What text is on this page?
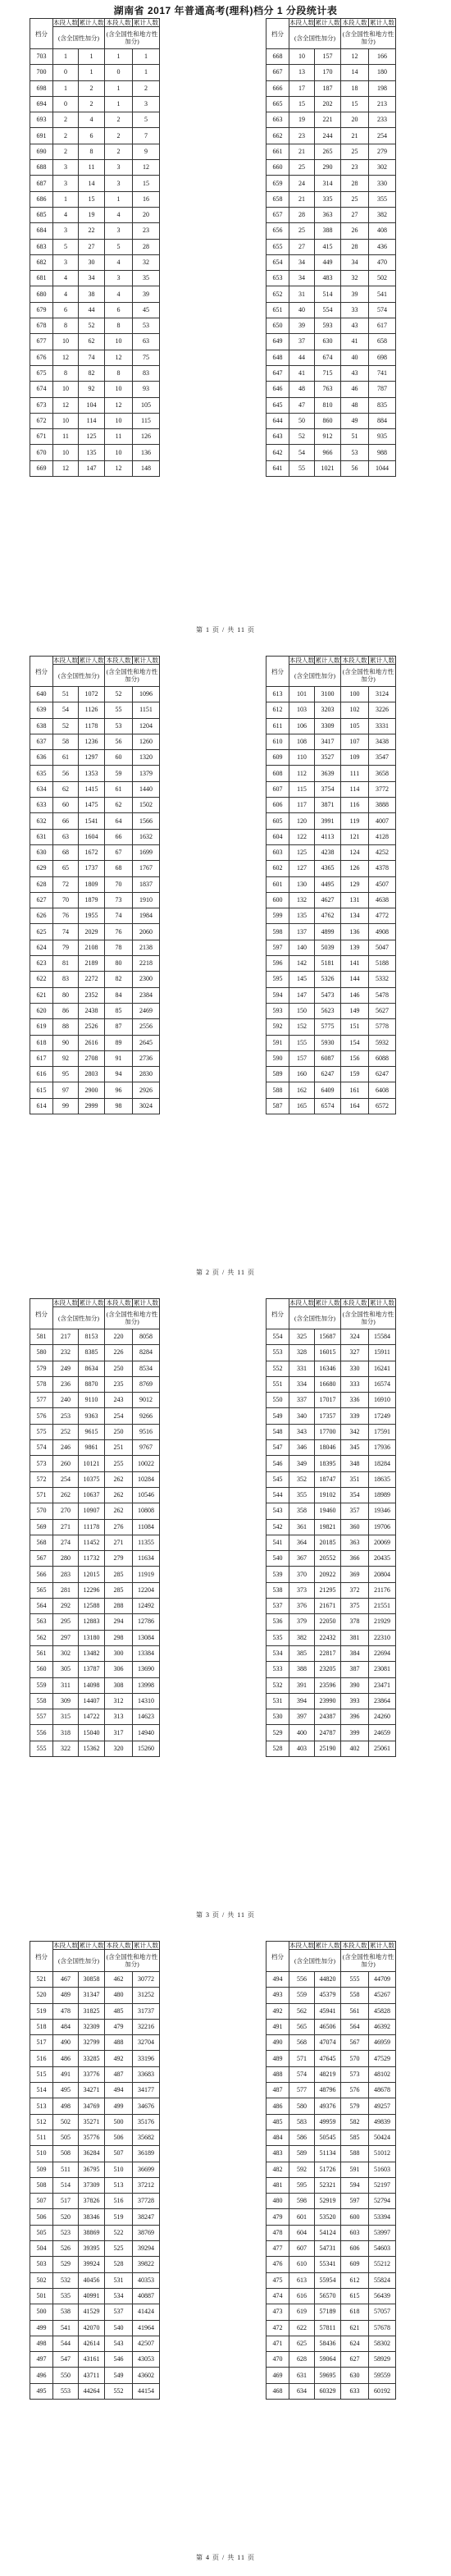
湖南省 2017 年普通高考(理科)档分 1 分段统计表
档分	本段人数	累计人数	本段人数	累计人数
	(含全国性加分)		(含全国性和地方性加分)	
703	1	1	1	1
700	0	1	0	1
698	1	2	1	2
694	0	2	1	3
693	2	4	2	5
691	2	6	2	7
690	2	8	2	9
688	3	11	3	12
687	3	14	3	15
686	1	15	1	16
685	4	19	4	20
684	3	22	3	23
683	5	27	5	28
682	3	30	4	32
681	4	34	3	35
680	4	38	4	39
679	6	44	6	45
678	8	52	8	53
677	10	62	10	63
676	12	74	12	75
675	8	82	8	83
674	10	92	10	93
673	12	104	12	105
672	10	114	10	115
671	11	125	11	126
670	10	135	10	136
669	12	147	12	148
档分	本段人数	累计人数	本段人数	累计人数
	(含全国性加分)		(含全国性和地方性加分)	
668	10	157	12	166
667	13	170	14	180
666	17	187	18	198
665	15	202	15	213
663	19	221	20	233
662	23	244	21	254
661	21	265	25	279
660	25	290	23	302
659	24	314	28	330
658	21	335	25	355
657	28	363	27	382
656	25	388	26	408
655	27	415	28	436
654	34	449	34	470
653	34	483	32	502
652	31	514	39	541
651	40	554	33	574
650	39	593	43	617
649	37	630	41	658
648	44	674	40	698
647	41	715	43	741
646	48	763	46	787
645	47	810	48	835
644	50	860	49	884
643	52	912	51	935
642	54	966	53	988
641	55	1021	56	1044
第 1 页 / 共 11 页
档分	本段人数	累计人数	本段人数	累计人数
	(含全国性加分)		(含全国性和地方性加分)	
640	51	1072	52	1096
639	54	1126	55	1151
638	52	1178	53	1204
637	58	1236	56	1260
636	61	1297	60	1320
635	56	1353	59	1379
634	62	1415	61	1440
633	60	1475	62	1502
632	66	1541	64	1566
631	63	1604	66	1632
630	68	1672	67	1699
629	65	1737	68	1767
628	72	1809	70	1837
627	70	1879	73	1910
626	76	1955	74	1984
625	74	2029	76	2060
624	79	2108	78	2138
623	81	2189	80	2218
622	83	2272	82	2300
621	80	2352	84	2384
620	86	2438	85	2469
619	88	2526	87	2556
618	90	2616	89	2645
617	92	2708	91	2736
616	95	2803	94	2830
615	97	2900	96	2926
614	99	2999	98	3024
档分	本段人数	累计人数	本段人数	累计人数
	(含全国性加分)		(含全国性和地方性加分)	
613	101	3100	100	3124
612	103	3203	102	3226
611	106	3309	105	3331
610	108	3417	107	3438
609	110	3527	109	3547
608	112	3639	111	3658
607	115	3754	114	3772
606	117	3871	116	3888
605	120	3991	119	4007
604	122	4113	121	4128
603	125	4238	124	4252
602	127	4365	126	4378
601	130	4495	129	4507
600	132	4627	131	4638
599	135	4762	134	4772
598	137	4899	136	4908
597	140	5039	139	5047
596	142	5181	141	5188
595	145	5326	144	5332
594	147	5473	146	5478
593	150	5623	149	5627
592	152	5775	151	5778
591	155	5930	154	5932
590	157	6087	156	6088
589	160	6247	159	6247
588	162	6409	161	6408
587	165	6574	164	6572
第 2 页 / 共 11 页
档分	本段人数	累计人数	本段人数	累计人数
	(含全国性加分)		(含全国性和地方性加分)	
581	217	8153	220	8058
580	232	8385	226	8284
579	249	8634	250	8534
578	236	8870	235	8769
577	240	9110	243	9012
576	253	9363	254	9266
575	252	9615	250	9516
574	246	9861	251	9767
573	260	10121	255	10022
572	254	10375	262	10284
571	262	10637	262	10546
570	270	10907	262	10808
569	271	11178	276	11084
568	274	11452	271	11355
567	280	11732	279	11634
566	283	12015	285	11919
565	281	12296	285	12204
564	292	12588	288	12492
563	295	12883	294	12786
562	297	13180	298	13084
561	302	13482	300	13384
560	305	13787	306	13690
559	311	14098	308	13998
558	309	14407	312	14310
557	315	14722	313	14623
556	318	15040	317	14940
555	322	15362	320	15260
档分	本段人数	累计人数	本段人数	累计人数
	(含全国性加分)		(含全国性和地方性加分)	
554	325	15687	324	15584
553	328	16015	327	15911
552	331	16346	330	16241
551	334	16680	333	16574
550	337	17017	336	16910
549	340	17357	339	17249
548	343	17700	342	17591
547	346	18046	345	17936
546	349	18395	348	18284
545	352	18747	351	18635
544	355	19102	354	18989
543	358	19460	357	19346
542	361	19821	360	19706
541	364	20185	363	20069
540	367	20552	366	20435
539	370	20922	369	20804
538	373	21295	372	21176
537	376	21671	375	21551
536	379	22050	378	21929
535	382	22432	381	22310
534	385	22817	384	22694
533	388	23205	387	23081
532	391	23596	390	23471
531	394	23990	393	23864
530	397	24387	396	24260
529	400	24787	399	24659
528	403	25190	402	25061
第 3 页 / 共 11 页
档分	本段人数	累计人数	本段人数	累计人数
	(含全国性加分)		(含全国性和地方性加分)	
521	467	30858	462	30772
520	489	31347	480	31252
519	478	31825	485	31737
518	484	32309	479	32216
517	490	32799	488	32704
516	486	33285	492	33196
515	491	33776	487	33683
514	495	34271	494	34177
513	498	34769	499	34676
512	502	35271	500	35176
511	505	35776	506	35682
510	508	36284	507	36189
509	511	36795	510	36699
508	514	37309	513	37212
507	517	37826	516	37728
506	520	38346	519	38247
505	523	38869	522	38769
504	526	39395	525	39294
503	529	39924	528	39822
502	532	40456	531	40353
501	535	40991	534	40887
500	538	41529	537	41424
499	541	42070	540	41964
498	544	42614	543	42507
497	547	43161	546	43053
496	550	43711	549	43602
495	553	44264	552	44154
档分	本段人数	累计人数	本段人数	累计人数
	(含全国性加分)		(含全国性和地方性加分)	
494	556	44820	555	44709
493	559	45379	558	45267
492	562	45941	561	45828
491	565	46506	564	46392
490	568	47074	567	46959
489	571	47645	570	47529
488	574	48219	573	48102
487	577	48796	576	48678
486	580	49376	579	49257
485	583	49959	582	49839
484	586	50545	585	50424
483	589	51134	588	51012
482	592	51726	591	51603
481	595	52321	594	52197
480	598	52919	597	52794
479	601	53520	600	53394
478	604	54124	603	53997
477	607	54731	606	54603
476	610	55341	609	55212
475	613	55954	612	55824
474	616	56570	615	56439
473	619	57189	618	57057
472	622	57811	621	57678
471	625	58436	624	58302
470	628	59064	627	58929
469	631	59695	630	59559
468	634	60329	633	60192
第 4 页 / 共 11 页
